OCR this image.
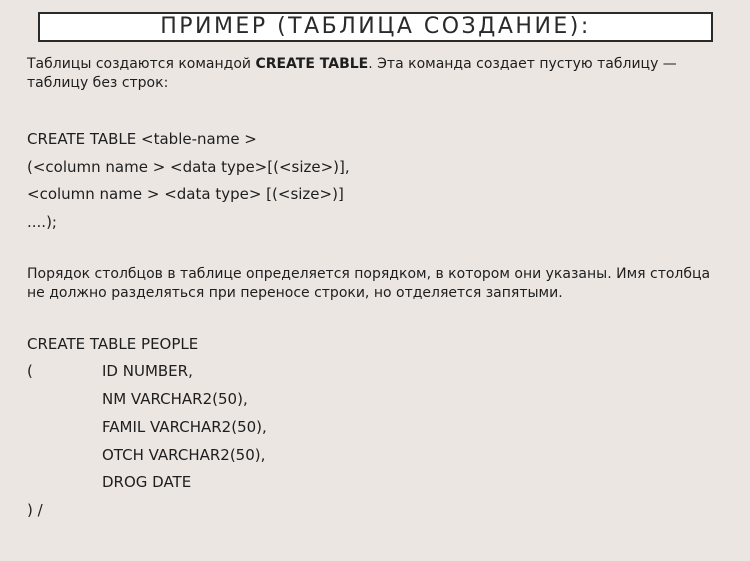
ПРИМЕР (ТАБЛИЦА СОЗДАНИЕ):

Таблицы создаются командой CREATE TABLE. Эта команда создает пустую таблицу — таблицу без строк:

CREATE TABLE <table-name >
(<column name > <data type>[(<size>)],
<column name > <data type> [(<size>)]
....);

Порядок столбцов в таблице определяется порядком, в котором они указаны. Имя столбца не должно разделяться при переносе строки, но отделяется запятыми.

CREATE TABLE PEOPLE

(

	ID NUMBER,

NM VARCHAR2(50),

FAMIL VARCHAR2(50),

OTCH VARCHAR2(50),

DROG DATE

) /
